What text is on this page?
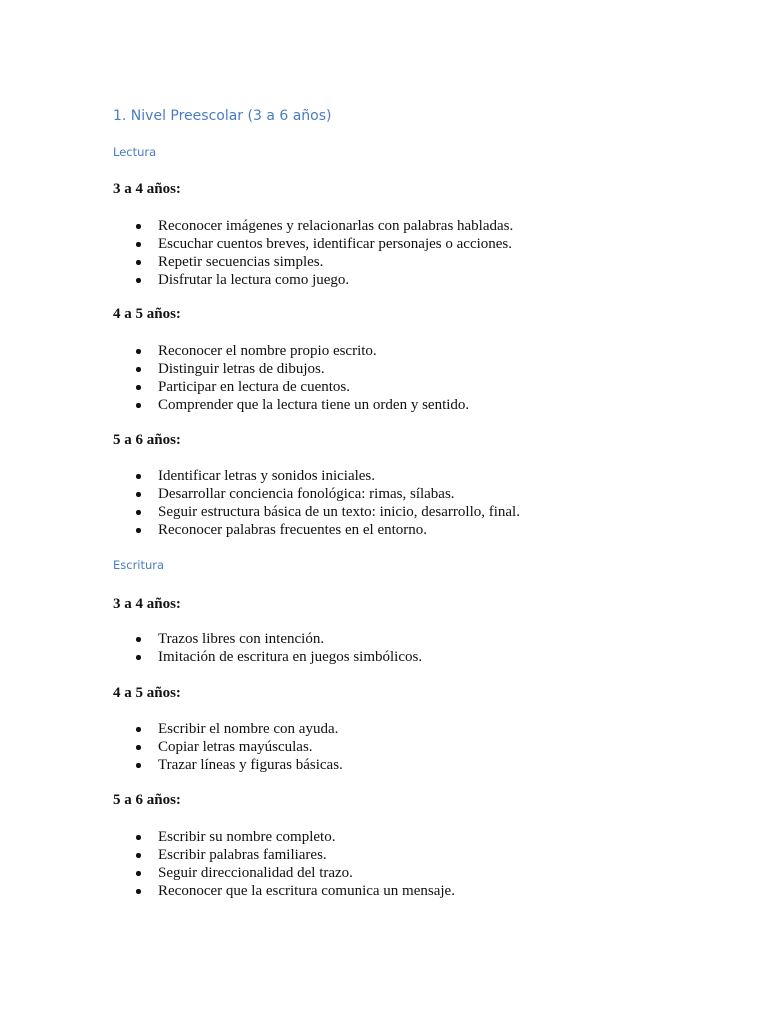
1. Nivel Preescolar (3 a 6 años)
Lectura
3 a 4 años:
Reconocer imágenes y relacionarlas con palabras habladas.
Escuchar cuentos breves, identificar personajes o acciones.
Repetir secuencias simples.
Disfrutar la lectura como juego.
4 a 5 años:
Reconocer el nombre propio escrito.
Distinguir letras de dibujos.
Participar en lectura de cuentos.
Comprender que la lectura tiene un orden y sentido.
5 a 6 años:
Identificar letras y sonidos iniciales.
Desarrollar conciencia fonológica: rimas, sílabas.
Seguir estructura básica de un texto: inicio, desarrollo, final.
Reconocer palabras frecuentes en el entorno.
Escritura
3 a 4 años:
Trazos libres con intención.
Imitación de escritura en juegos simbólicos.
4 a 5 años:
Escribir el nombre con ayuda.
Copiar letras mayúsculas.
Trazar líneas y figuras básicas.
5 a 6 años:
Escribir su nombre completo.
Escribir palabras familiares.
Seguir direccionalidad del trazo.
Reconocer que la escritura comunica un mensaje.
